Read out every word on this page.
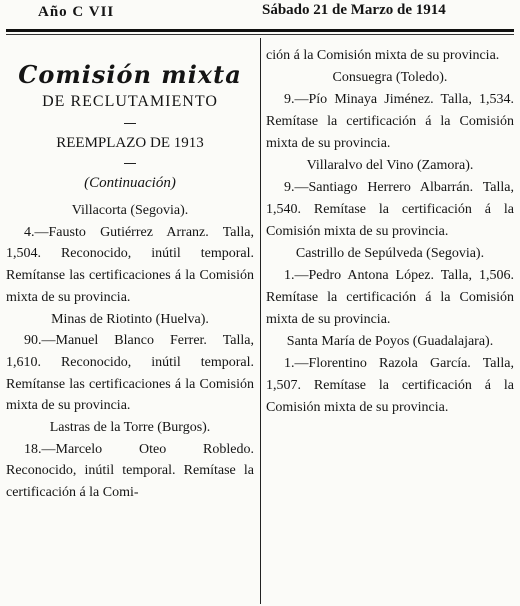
Año C VII	Sábado 21 de Marzo de 1914
Comisión mixta
DE RECLUTAMIENTO
REEMPLAZO DE 1913
(Continuación)
Villacorta (Segovia).

4.—Fausto Gutiérrez Arranz. Talla, 1,504. Reconocido, inútil temporal. Remítanse las certificaciones á la Comisión mixta de su provincia.

Minas de Riotinto (Huelva).

90.—Manuel Blanco Ferrer. Talla, 1,610. Reconocido, inútil temporal. Remítanse las certificaciones á la Comisión mixta de su provincia.

Lastras de la Torre (Burgos).

18.—Marcelo Oteo Robledo. Reconocido, inútil temporal. Remítase la certificación á la Comi-

ción á la Comisión mixta de su provincia.

Consuegra (Toledo).

9.—Pío Minaya Jiménez. Talla, 1,534. Remítase la certificación á la Comisión mixta de su provincia.

Villaralvo del Vino (Zamora).

9.—Santiago Herrero Albarrán. Talla, 1,540. Remítase la certificación á la Comisión mixta de su provincia.

Castrillo de Sepúlveda (Segovia).

1.—Pedro Antona López. Talla, 1,506. Remítase la certificación á la Comisión mixta de su provincia.

Santa María de Poyos (Guadalajara).

1.—Florentino Razola García. Talla, 1,507. Remítase la certificación á la Comisión mixta de su provincia.
